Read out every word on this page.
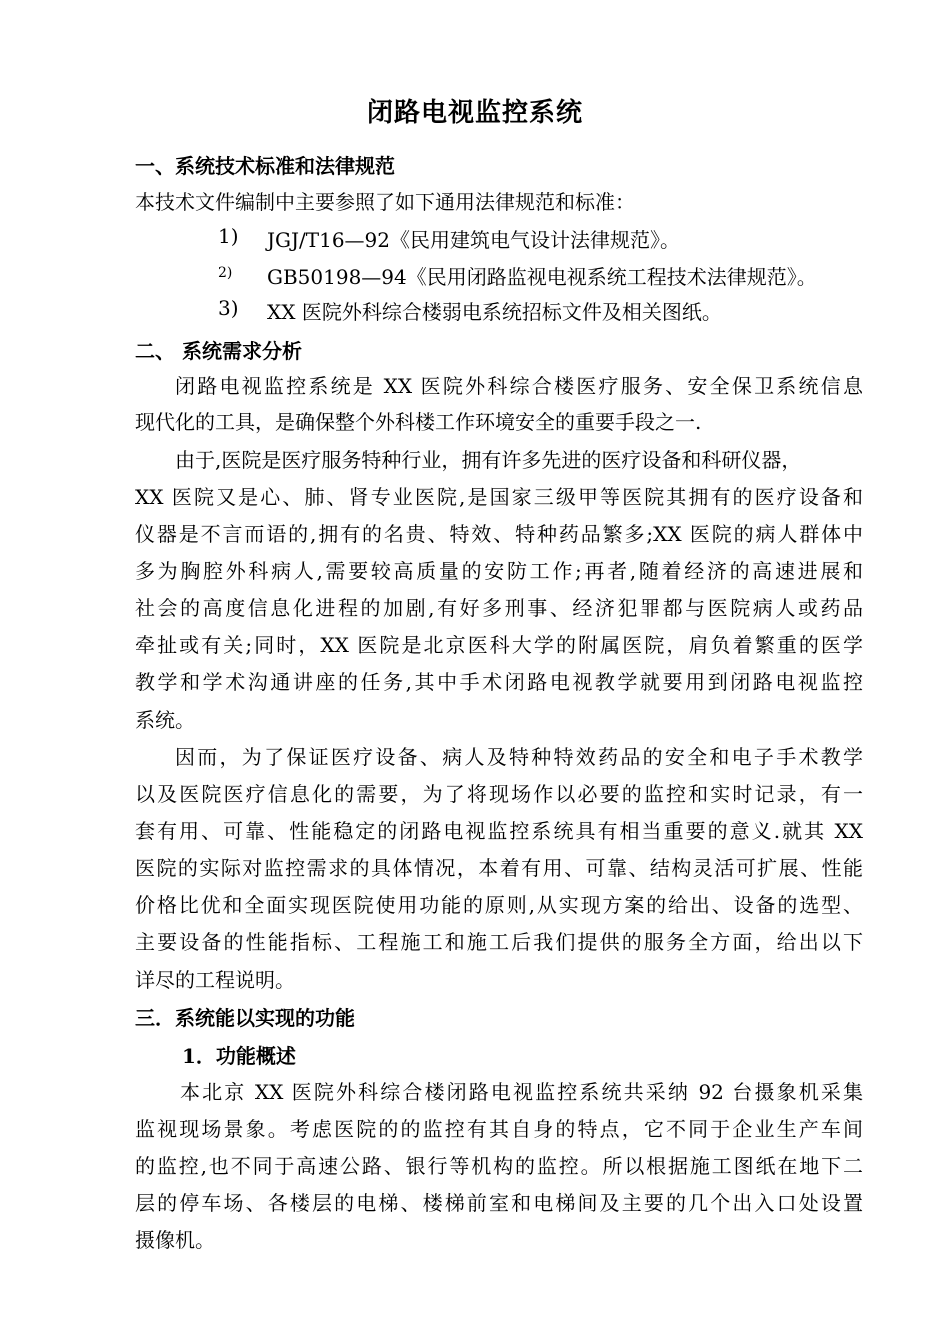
闭路电视监控系统
一、系统技术标准和法律规范
本技术文件编制中主要参照了如下通用法律规范和标准：
1) JGJ/T16—92《民用建筑电气设计法律规范》。
2) GB50198—94《民用闭路监视电视系统工程技术法律规范》。
3) XX 医院外科综合楼弱电系统招标文件及相关图纸。
二、 系统需求分析
闭路电视监控系统是 XX 医院外科综合楼医疗服务、安全保卫系统信息
现代化的工具，是确保整个外科楼工作环境安全的重要手段之一.
由于,医院是医疗服务特种行业，拥有许多先进的医疗设备和科研仪器，
XX 医院又是心、肺、肾专业医院,是国家三级甲等医院其拥有的医疗设备和
仪器是不言而语的,拥有的名贵、特效、特种药品繁多;XX 医院的病人群体中
多为胸腔外科病人,需要较高质量的安防工作;再者,随着经济的高速进展和
社会的高度信息化进程的加剧,有好多刑事、经济犯罪都与医院病人或药品
牵扯或有关;同时，XX 医院是北京医科大学的附属医院，肩负着繁重的医学
教学和学术沟通讲座的任务,其中手术闭路电视教学就要用到闭路电视监控
系统。
因而，为了保证医疗设备、病人及特种特效药品的安全和电子手术教学
以及医院医疗信息化的需要，为了将现场作以必要的监控和实时记录，有一
套有用、可靠、性能稳定的闭路电视监控系统具有相当重要的意义.就其 XX
医院的实际对监控需求的具体情况，本着有用、可靠、结构灵活可扩展、性能
价格比优和全面实现医院使用功能的原则,从实现方案的给出、设备的选型、
主要设备的性能指标、工程施工和施工后我们提供的服务全方面，给出以下
详尽的工程说明。
三．系统能以实现的功能
1．功能概述
本北京 XX 医院外科综合楼闭路电视监控系统共采纳 92 台摄象机采集
监视现场景象。考虑医院的的监控有其自身的特点，它不同于企业生产车间
的监控,也不同于高速公路、银行等机构的监控。所以根据施工图纸在地下二
层的停车场、各楼层的电梯、楼梯前室和电梯间及主要的几个出入口处设置
摄像机。
